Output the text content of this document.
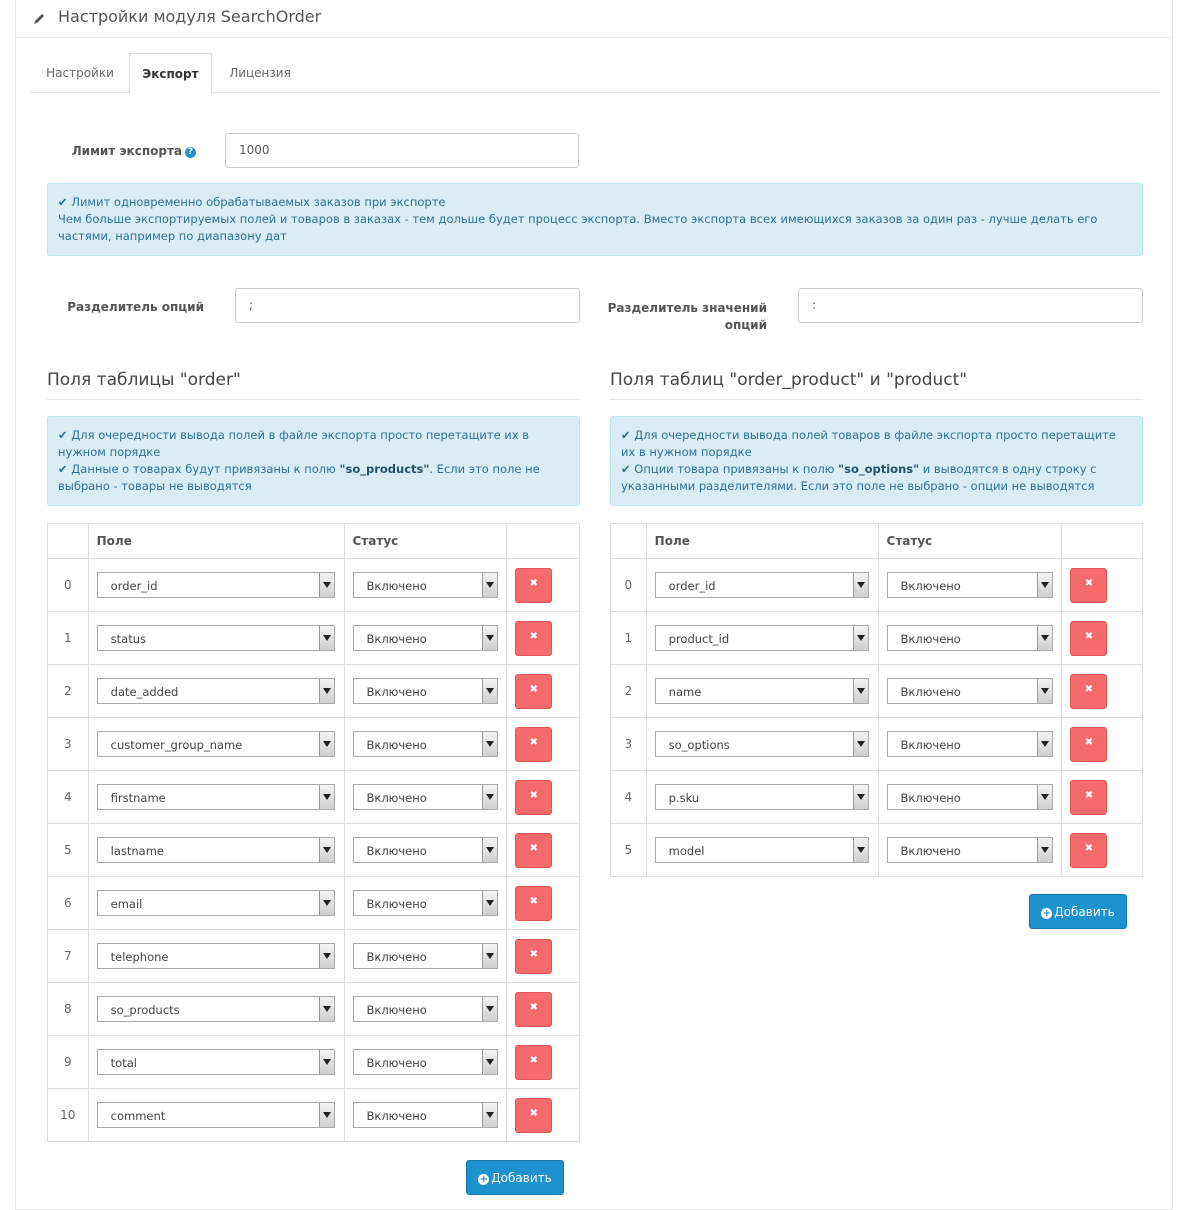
Настройки модуля SearchOrder
Настройки	Экспорт	Лицензия
Лимит экспорта ?	1000
✔ Лимит одновременно обрабатываемых заказов при экспорте
Чем больше экспортируемых полей и товаров в заказах - тем дольше будет процесс экспорта. Вместо экспорта всех имеющихся заказов за один раз - лучше делать его частями, например по диапазону дат
Разделитель опций	;	Разделитель значений
опций
:
Поля таблицы "order"
✔ Для очередности вывода полей в файле экспорта просто перетащите их в нужном порядке
✔ Данные о товарах будут привязаны к полю "so_products". Если это поле не выбрано - товары не выводятся
	Поле	Статус	
0	order_id	Включено

✖

1	status	Включено

✖

2	date_added	Включено

✖

3	customer_group_name	Включено

✖

4	firstname	Включено

✖

5	lastname	Включено

✖

6	email	Включено

✖

7	telephone	Включено

✖

8	so_products	Включено

✖

9	total	Включено

✖

10	comment	Включено

✖
+ Добавить
Поля таблиц "order_product" и "product"
✔ Для очередности вывода полей товаров в файле экспорта просто перетащите их в нужном порядке
✔ Опции товара привязаны к полю "so_options" и выводятся в одну строку с указанными разделителями. Если это поле не выбрано - опции не выводятся
	Поле	Статус	
0	order_id	Включено

✖

1	product_id	Включено

✖

2	name	Включено

✖

3	so_options	Включено

✖

4	p.sku	Включено

✖

5	model	Включено

✖
+ Добавить
